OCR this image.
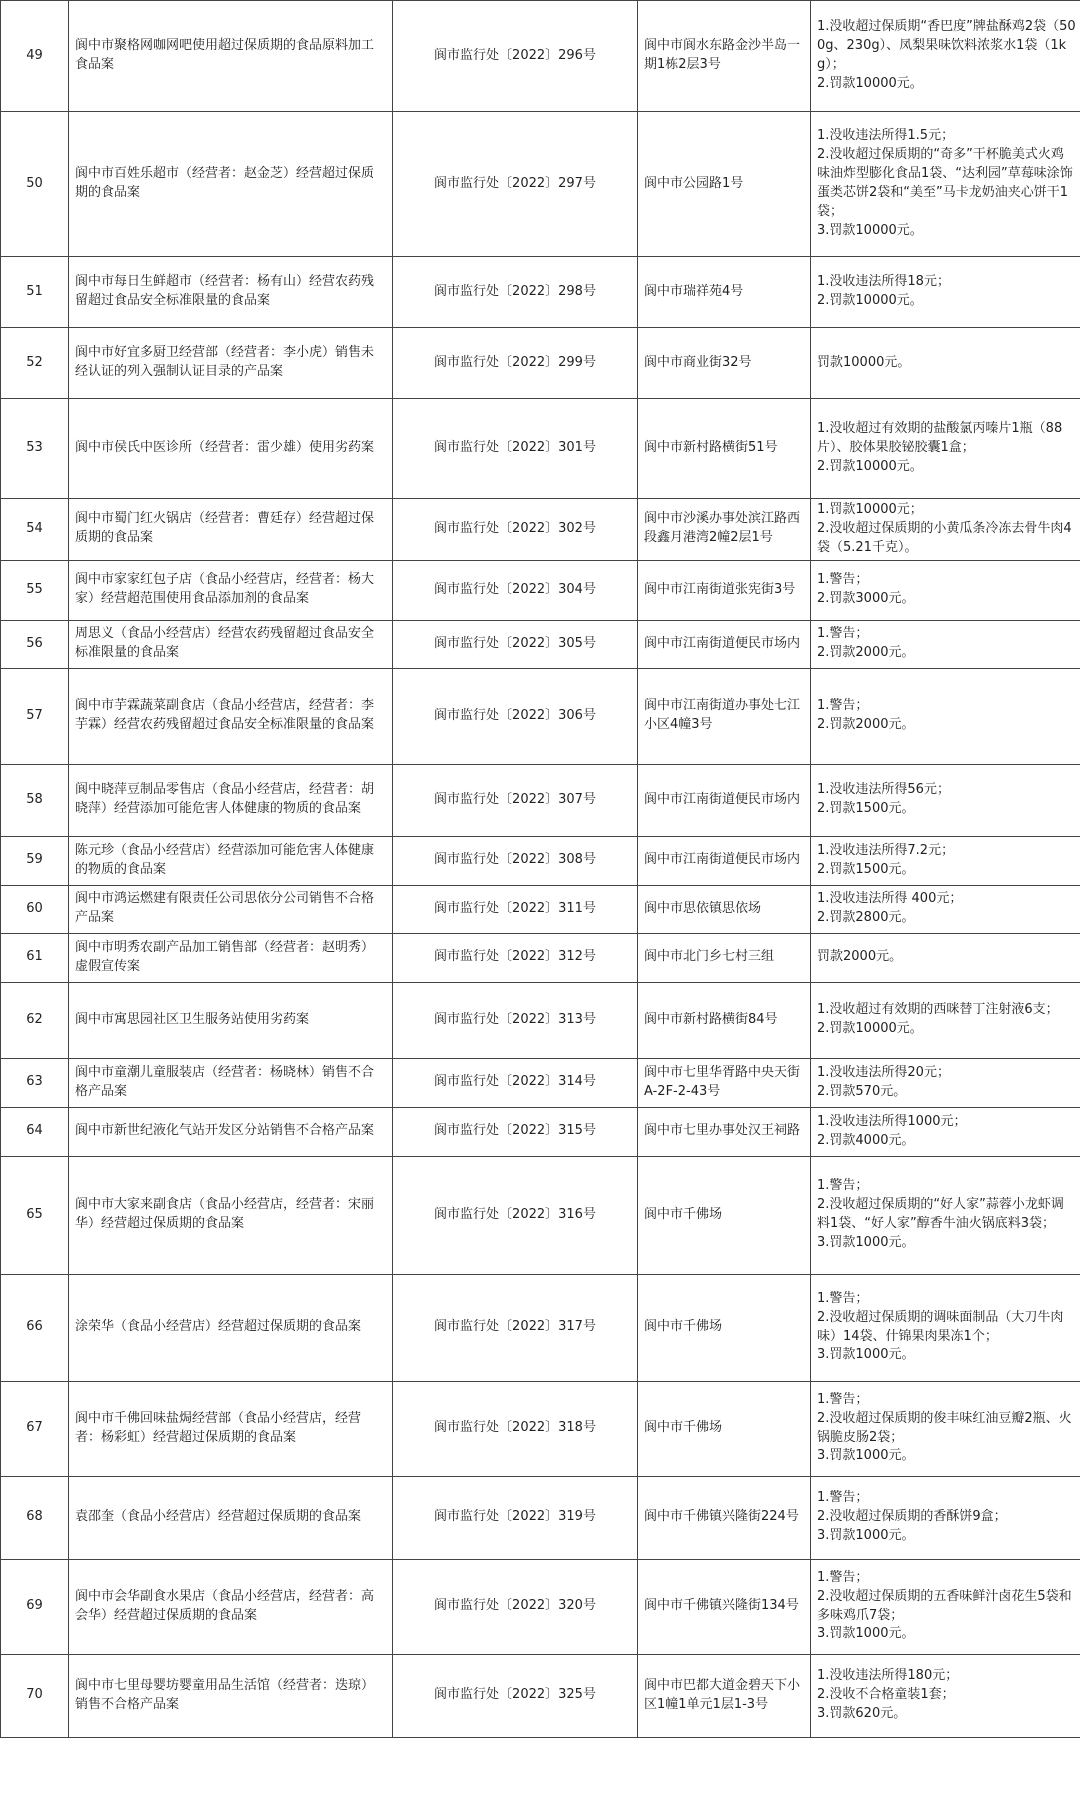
49	阆中市聚格网咖网吧使用超过保质期的食品原料加工食品案	阆市监行处〔2022〕296号	阆中市阆水东路金沙半岛一期1栋2层3号	1.没收超过保质期“香巴度”牌盐酥鸡2袋（500g、230g）、凤梨果味饮料浓浆水1袋（1kg）；
2.罚款10000元。
50	阆中市百姓乐超市（经营者：赵金芝）经营超过保质期的食品案	阆市监行处〔2022〕297号	阆中市公园路1号	1.没收违法所得1.5元；
2.没收超过保质期的“奇多”干杯脆美式火鸡味油炸型膨化食品1袋、“达利园”草莓味涂饰蛋类芯饼2袋和“美至”马卡龙奶油夹心饼干1袋；
3.罚款10000元。
51	阆中市每日生鲜超市（经营者：杨有山）经营农药残留超过食品安全标准限量的食品案	阆市监行处〔2022〕298号	阆中市瑞祥苑4号	1.没收违法所得18元；
2.罚款10000元。
52	阆中市好宜多厨卫经营部（经营者：李小虎）销售未经认证的列入强制认证目录的产品案	阆市监行处〔2022〕299号	阆中市商业街32号	罚款10000元。
53	阆中市侯氏中医诊所（经营者：雷少雄）使用劣药案	阆市监行处〔2022〕301号	阆中市新村路横街51号	1.没收超过有效期的盐酸氯丙嗪片1瓶（88片）、胶体果胶铋胶囊1盒；
2.罚款10000元。
54	阆中市蜀门红火锅店（经营者：曹廷存）经营超过保质期的食品案	阆市监行处〔2022〕302号	阆中市沙溪办事处滨江路西段鑫月港湾2幢2层1号	1.罚款10000元；
2.没收超过保质期的小黄瓜条冷冻去骨牛肉4袋（5.21千克）。
55	阆中市家家红包子店（食品小经营店，经营者：杨大家）经营超范围使用食品添加剂的食品案	阆市监行处〔2022〕304号	阆中市江南街道张宪街3号	1.警告；
2.罚款3000元。
56	周思义（食品小经营店）经营农药残留超过食品安全标准限量的食品案	阆市监行处〔2022〕305号	阆中市江南街道便民市场内	1.警告；
2.罚款2000元。
57	阆中市芋霖蔬菜副食店（食品小经营店，经营者：李芋霖）经营农药残留超过食品安全标准限量的食品案	阆市监行处〔2022〕306号	阆中市江南街道办事处七江小区4幢3号	1.警告；
2.罚款2000元。
58	阆中晓萍豆制品零售店（食品小经营店，经营者：胡晓萍）经营添加可能危害人体健康的物质的食品案	阆市监行处〔2022〕307号	阆中市江南街道便民市场内	1.没收违法所得56元；
2.罚款1500元。
59	陈元珍（食品小经营店）经营添加可能危害人体健康的物质的食品案	阆市监行处〔2022〕308号	阆中市江南街道便民市场内	1.没收违法所得7.2元；
2.罚款1500元。
60	阆中市鸿运燃建有限责任公司思依分公司销售不合格产品案	阆市监行处〔2022〕311号	阆中市思依镇思依场	1.没收违法所得 400元；
2.罚款2800元。
61	阆中市明秀农副产品加工销售部（经营者：赵明秀）虚假宣传案	阆市监行处〔2022〕312号	阆中市北门乡七村三组	罚款2000元。
62	阆中市寓思园社区卫生服务站使用劣药案	阆市监行处〔2022〕313号	阆中市新村路横街84号	1.没收超过有效期的西咪替丁注射液6支；
2.罚款10000元。
63	阆中市童潮儿童服装店（经营者：杨晓林）销售不合格产品案	阆市监行处〔2022〕314号	阆中市七里华胥路中央天街A-2F-2-43号	1.没收违法所得20元；
2.罚款570元。
64	阆中市新世纪液化气站开发区分站销售不合格产品案	阆市监行处〔2022〕315号	阆中市七里办事处汉王祠路	1.没收违法所得1000元；
2.罚款4000元。
65	阆中市大家来副食店（食品小经营店，经营者：宋丽华）经营超过保质期的食品案	阆市监行处〔2022〕316号	阆中市千佛场	1.警告；
2.没收超过保质期的“好人家”蒜蓉小龙虾调料1袋、“好人家”醇香牛油火锅底料3袋；
3.罚款1000元。
66	涂荣华（食品小经营店）经营超过保质期的食品案	阆市监行处〔2022〕317号	阆中市千佛场	1.警告；
2.没收超过保质期的调味面制品（大刀牛肉味）14袋、什锦果肉果冻1个；
3.罚款1000元。
67	阆中市千佛回味盐焗经营部（食品小经营店，经营者：杨彩虹）经营超过保质期的食品案	阆市监行处〔2022〕318号	阆中市千佛场	1.警告；
2.没收超过保质期的俊丰味红油豆瓣2瓶、火锅脆皮肠2袋；
3.罚款1000元。
68	袁邵奎（食品小经营店）经营超过保质期的食品案	阆市监行处〔2022〕319号	阆中市千佛镇兴隆街224号	1.警告；
2.没收超过保质期的香酥饼9盒；
3.罚款1000元。
69	阆中市会华副食水果店（食品小经营店，经营者：高会华）经营超过保质期的食品案	阆市监行处〔2022〕320号	阆中市千佛镇兴隆街134号	1.警告；
2.没收超过保质期的五香味鲜汁卤花生5袋和多味鸡爪7袋；
3.罚款1000元。
70	阆中市七里母婴坊婴童用品生活馆（经营者：迭琼）销售不合格产品案	阆市监行处〔2022〕325号	阆中市巴都大道金碧天下小区1幢1单元1层1-3号	1.没收违法所得180元；
2.没收不合格童装1套；
3.罚款620元。
